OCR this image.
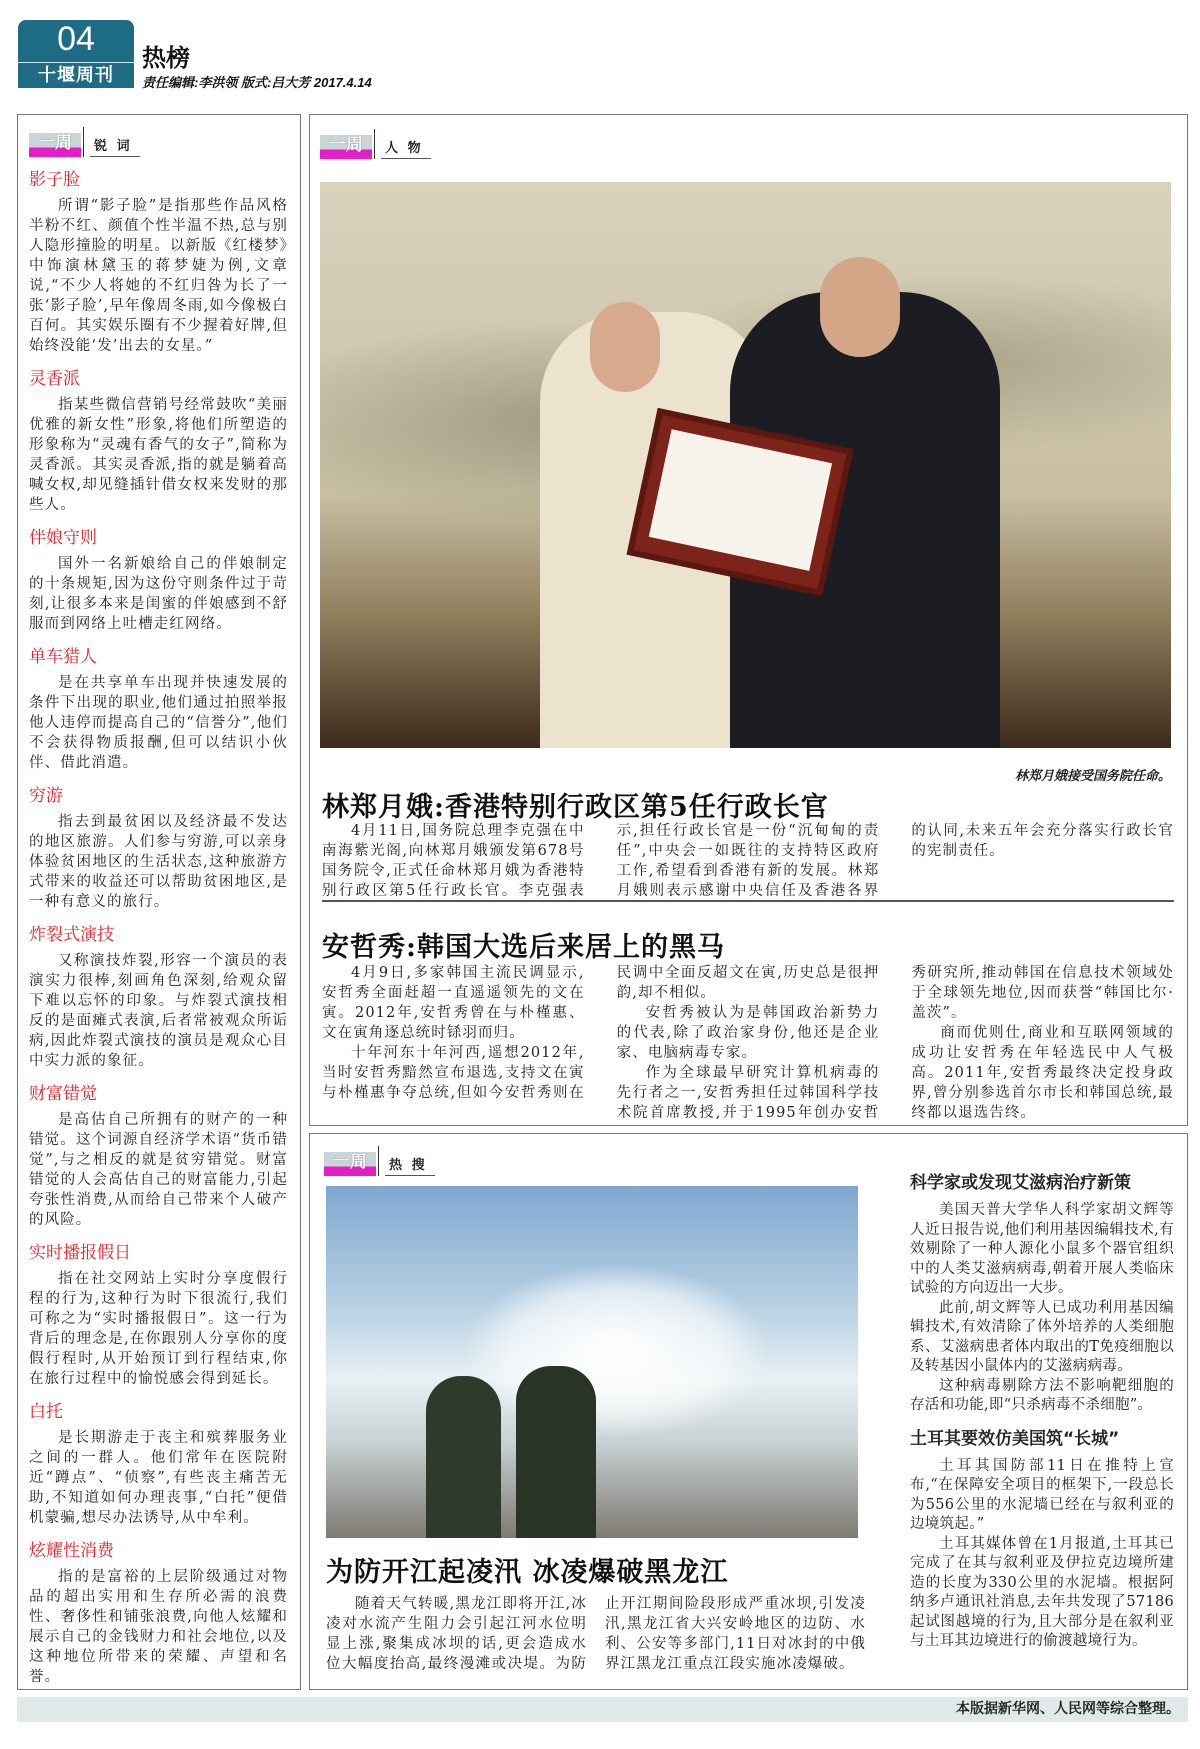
04
十堰周刊
热榜
责任编辑:李洪领 版式:吕大芳 2017.4.14
一周	锐 词
影子脸
所谓“影子脸”是指那些作品风格半粉不红、颜值个性半温不热,总与别人隐形撞脸的明星。以新版《红楼梦》中饰演林黛玉的蒋梦婕为例,文章说,“不少人将她的不红归咎为长了一张‘影子脸’,早年像周冬雨,如今像极白百何。其实娱乐圈有不少握着好牌,但始终没能‘发’出去的女星。”
灵香派
指某些微信营销号经常鼓吹“美丽优雅的新女性”形象,将他们所塑造的形象称为“灵魂有香气的女子”,简称为灵香派。其实灵香派,指的就是躺着高喊女权,却见缝插针借女权来发财的那些人。
伴娘守则
国外一名新娘给自己的伴娘制定的十条规矩,因为这份守则条件过于苛刻,让很多本来是闺蜜的伴娘感到不舒服而到网络上吐槽走红网络。
单车猎人
是在共享单车出现并快速发展的条件下出现的职业,他们通过拍照举报他人违停而提高自己的“信誉分”,他们不会获得物质报酬,但可以结识小伙伴、借此消遣。
穷游
指去到最贫困以及经济最不发达的地区旅游。人们参与穷游,可以亲身体验贫困地区的生活状态,这种旅游方式带来的收益还可以帮助贫困地区,是一种有意义的旅行。
炸裂式演技
又称演技炸裂,形容一个演员的表演实力很棒,刻画角色深刻,给观众留下难以忘怀的印象。与炸裂式演技相反的是面瘫式表演,后者常被观众所诟病,因此炸裂式演技的演员是观众心目中实力派的象征。
财富错觉
是高估自己所拥有的财产的一种错觉。这个词源自经济学术语“货币错觉”,与之相反的就是贫穷错觉。财富错觉的人会高估自己的财富能力,引起夸张性消费,从而给自己带来个人破产的风险。
实时播报假日
指在社交网站上实时分享度假行程的行为,这种行为时下很流行,我们可称之为“实时播报假日”。这一行为背后的理念是,在你跟别人分享你的度假行程时,从开始预订到行程结束,你在旅行过程中的愉悦感会得到延长。
白托
是长期游走于丧主和殡葬服务业之间的一群人。他们常年在医院附近“蹲点”、“侦察”,有些丧主痛苦无助,不知道如何办理丧事,“白托”便借机蒙骗,想尽办法诱导,从中牟利。
炫耀性消费
指的是富裕的上层阶级通过对物品的超出实用和生存所必需的浪费性、奢侈性和铺张浪费,向他人炫耀和展示自己的金钱财力和社会地位,以及这种地位所带来的荣耀、声望和名誉。
一周	人 物
林郑月娥接受国务院任命。
林郑月娥:香港特别行政区第5任行政长官
4月11日,国务院总理李克强在中南海紫光阁,向林郑月娥颁发第678号国务院令,正式任命林郑月娥为香港特别行政区第5任行政长官。李克强表示,担任行政长官是一份“沉甸甸的责任”,中央会一如既往的支持特区政府工作,希望看到香港有新的发展。林郑月娥则表示感谢中央信任及香港各界的认同,未来五年会充分落实行政长官的宪制责任。
安哲秀:韩国大选后来居上的黑马
4月9日,多家韩国主流民调显示,安哲秀全面赶超一直遥遥领先的文在寅。2012年,安哲秀曾在与朴槿惠、文在寅角逐总统时铩羽而归。
十年河东十年河西,遥想2012年,当时安哲秀黯然宣布退选,支持文在寅与朴槿惠争夺总统,但如今安哲秀则在民调中全面反超文在寅,历史总是很押韵,却不相似。
安哲秀被认为是韩国政治新势力的代表,除了政治家身份,他还是企业家、电脑病毒专家。
作为全球最早研究计算机病毒的先行者之一,安哲秀担任过韩国科学技术院首席教授,并于1995年创办安哲秀研究所,推动韩国在信息技术领域处于全球领先地位,因而获誉“韩国比尔·盖茨”。
商而优则仕,商业和互联网领域的成功让安哲秀在年轻选民中人气极高。2011年,安哲秀最终决定投身政界,曾分别参选首尔市长和韩国总统,最终都以退选告终。
一周	热 搜
为防开江起凌汛 冰凌爆破黑龙江
随着天气转暖,黑龙江即将开江,冰凌对水流产生阻力会引起江河水位明显上涨,聚集成冰坝的话,更会造成水位大幅度抬高,最终漫滩或决堤。为防止开江期间险段形成严重冰坝,引发凌汛,黑龙江省大兴安岭地区的边防、水利、公安等多部门,11日对冰封的中俄界江黑龙江重点江段实施冰凌爆破。
科学家或发现艾滋病治疗新策
美国天普大学华人科学家胡文辉等人近日报告说,他们利用基因编辑技术,有效剔除了一种人源化小鼠多个器官组织中的人类艾滋病病毒,朝着开展人类临床试验的方向迈出一大步。
此前,胡文辉等人已成功利用基因编辑技术,有效清除了体外培养的人类细胞系、艾滋病患者体内取出的T免疫细胞以及转基因小鼠体内的艾滋病病毒。
这种病毒剔除方法不影响靶细胞的存活和功能,即“只杀病毒不杀细胞”。
土耳其要效仿美国筑“长城”
土耳其国防部11日在推特上宣布,“在保障安全项目的框架下,一段总长为556公里的水泥墙已经在与叙利亚的边境筑起。”
土耳其媒体曾在1月报道,土耳其已完成了在其与叙利亚及伊拉克边境所建造的长度为330公里的水泥墙。根据阿纳多卢通讯社消息,去年共发现了57186起试图越境的行为,且大部分是在叙利亚与土耳其边境进行的偷渡越境行为。
本版据新华网、人民网等综合整理。
